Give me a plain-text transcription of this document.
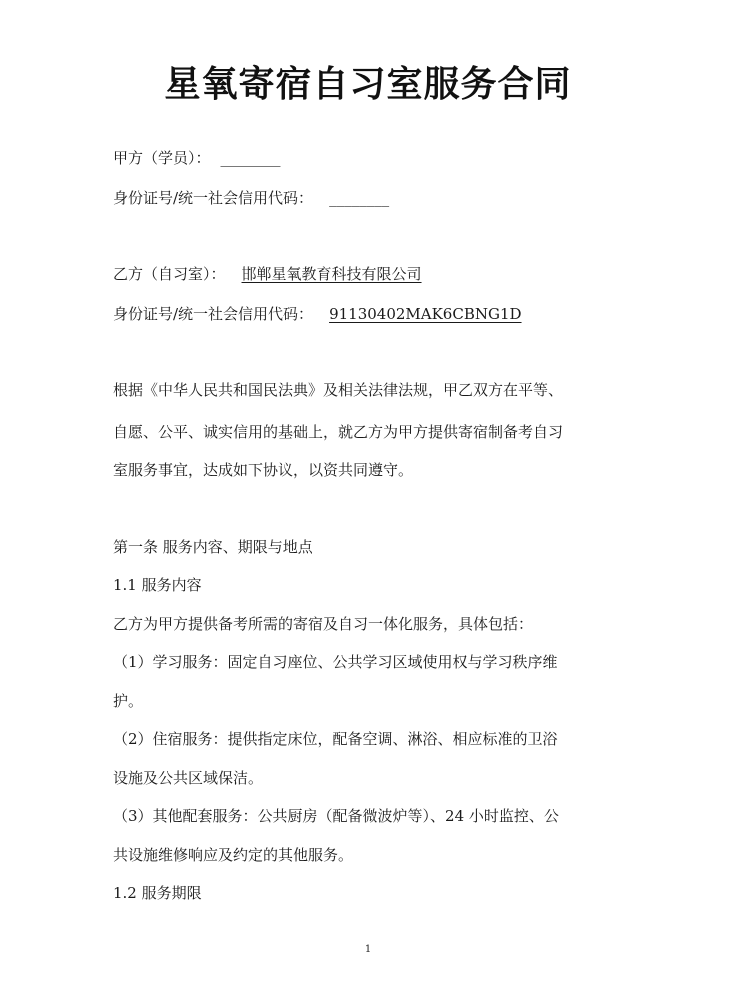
星氧寄宿自习室服务合同
甲方（学员）： ________
身份证号/统一社会信用代码： ________
乙方（自习室）： 邯郸星氧教育科技有限公司
身份证号/统一社会信用代码： 91130402MAK6CBNG1D
根据《中华人民共和国民法典》及相关法律法规，甲乙双方在平等、
自愿、公平、诚实信用的基础上，就乙方为甲方提供寄宿制备考自习
室服务事宜，达成如下协议，以资共同遵守。
第一条 服务内容、期限与地点
1.1 服务内容
乙方为甲方提供备考所需的寄宿及自习一体化服务，具体包括：
（1）学习服务：固定自习座位、公共学习区域使用权与学习秩序维
护。
（2）住宿服务：提供指定床位，配备空调、淋浴、相应标准的卫浴
设施及公共区域保洁。
（3）其他配套服务：公共厨房（配备微波炉等）、24 小时监控、公
共设施维修响应及约定的其他服务。
1.2 服务期限
1
